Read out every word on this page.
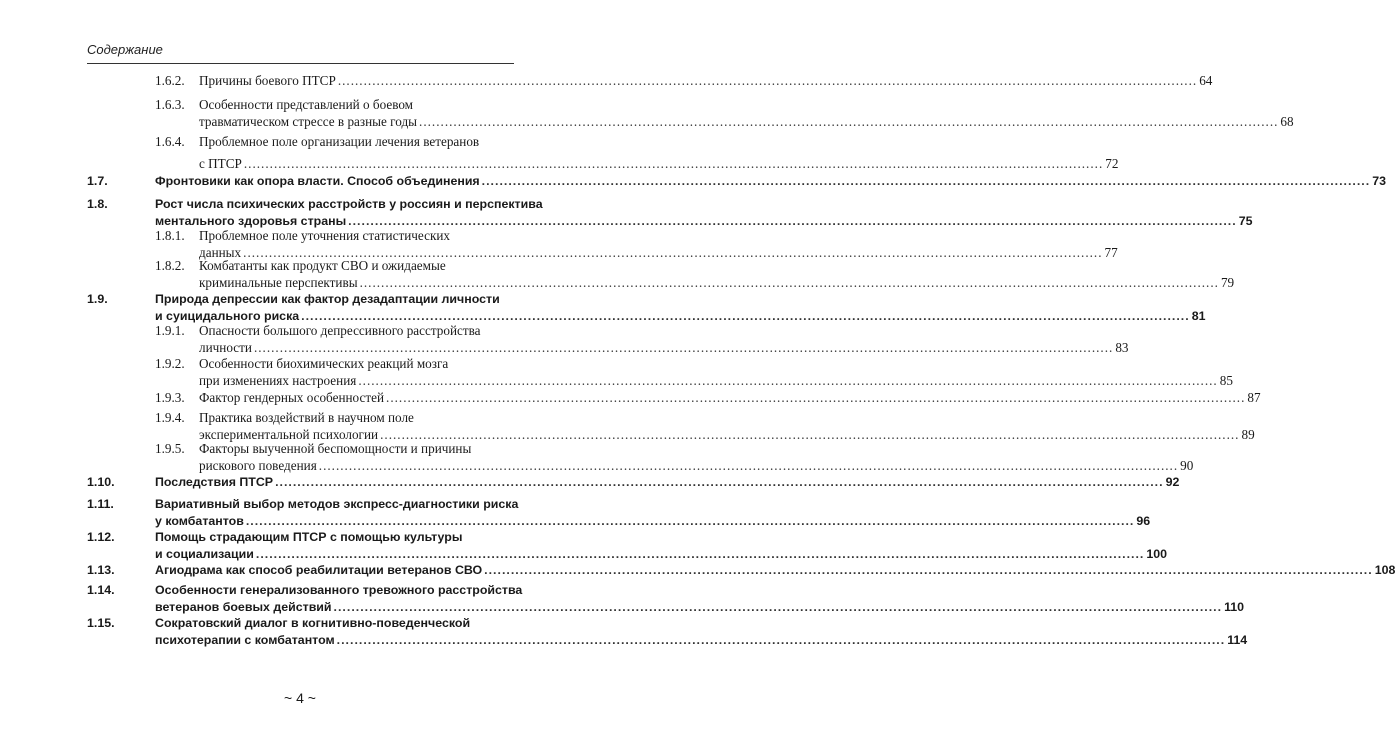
Содержание
1.6.2. Причины боевого ПТСР ........................................................................................................................................................................................................ 64
1.6.3. Особенности представлений о боевом
травматическом стрессе в разные годы ........................................................................................................................................................................................................ 68
1.6.4. Проблемное поле организации лечения ветеранов
с ПТСР ........................................................................................................................................................................................................ 72
1.7.	Фронтовики как опора власти. Способ объединения ........................................................................................................................................................................................................ 73
1.8.	Рост числа психических расстройств у россиян и перспектива
ментального здоровья страны ........................................................................................................................................................................................................ 75
1.8.1. Проблемное поле уточнения статистических
данных ........................................................................................................................................................................................................ 77
1.8.2. Комбатанты как продукт СВО и ожидаемые
криминальные перспективы ........................................................................................................................................................................................................ 79
1.9.	Природа депрессии как фактор дезадаптации личности
и суицидального риска ........................................................................................................................................................................................................ 81
1.9.1. Опасности большого депрессивного расстройства
личности ........................................................................................................................................................................................................ 83
1.9.2. Особенности биохимических реакций мозга
при изменениях настроения ........................................................................................................................................................................................................ 85
1.9.3. Фактор гендерных особенностей ........................................................................................................................................................................................................ 87
1.9.4. Практика воздействий в научном поле
экспериментальной психологии ........................................................................................................................................................................................................ 89
1.9.5. Факторы выученной беспомощности и причины
рискового поведения ........................................................................................................................................................................................................ 90
1.10.	Последствия ПТСР ........................................................................................................................................................................................................ 92
1.11.	Вариативный выбор методов экспресс-диагностики риска
у комбатантов ........................................................................................................................................................................................................ 96
1.12.	Помощь страдающим ПТСР с помощью культуры
и социализации ........................................................................................................................................................................................................ 100
1.13.	Агиодрама как способ реабилитации ветеранов СВО ........................................................................................................................................................................................................ 108
1.14.	Особенности генерализованного тревожного расстройства
ветеранов боевых действий ........................................................................................................................................................................................................ 110
1.15.	Сократовский диалог в когнитивно-поведенческой
психотерапии с комбатантом ........................................................................................................................................................................................................ 114
~ 4 ~
